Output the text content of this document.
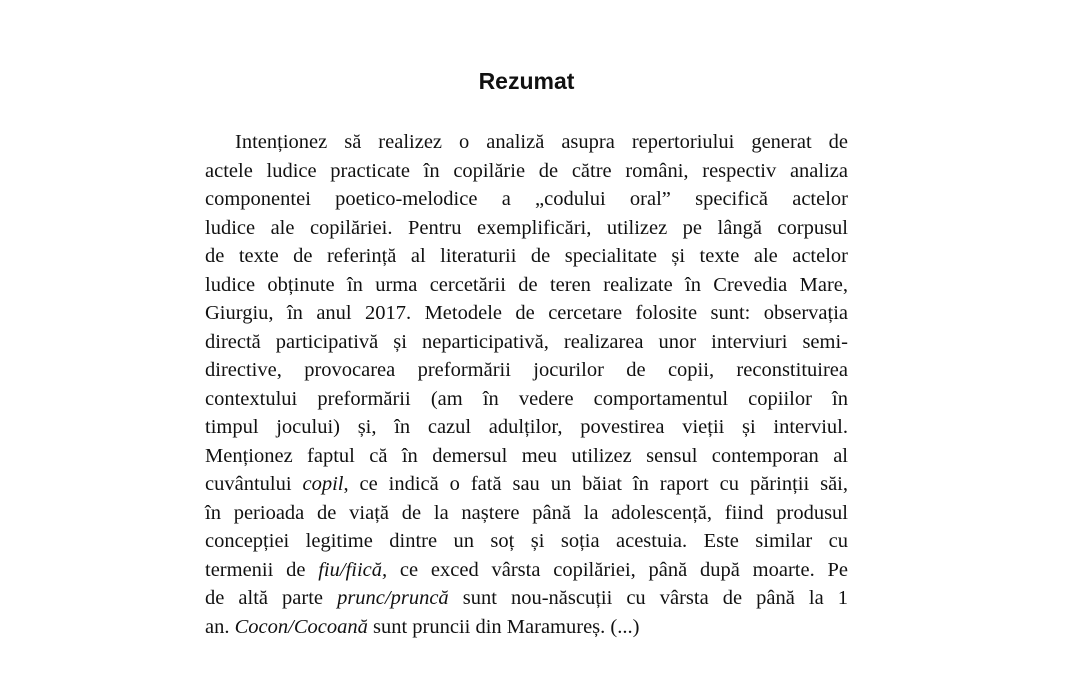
Rezumat
Intenționez să realizez o analiză asupra repertoriului generat de
actele ludice practicate în copilărie de către români, respectiv analiza
componentei poetico-melodice a „codului oral” specifică actelor
ludice ale copilăriei. Pentru exemplificări, utilizez pe lângă corpusul
de texte de referință al literaturii de specialitate și texte ale actelor
ludice obținute în urma cercetării de teren realizate în Crevedia Mare,
Giurgiu, în anul 2017. Metodele de cercetare folosite sunt: observația
directă participativă și neparticipativă, realizarea unor interviuri semi-
directive, provocarea preformării jocurilor de copii, reconstituirea
contextului preformării (am în vedere comportamentul copiilor în
timpul jocului) și, în cazul adulților, povestirea vieții și interviul.
Menționez faptul că în demersul meu utilizez sensul contemporan al
cuvântului copil, ce indică o fată sau un băiat în raport cu părinții săi,
în perioada de viață de la naștere până la adolescență, fiind produsul
concepției legitime dintre un soț și soția acestuia. Este similar cu
termenii de fiu/fiică, ce exced vârsta copilăriei, până după moarte. Pe
de altă parte prunc/pruncă sunt nou-născuții cu vârsta de până la 1
an. Cocon/Cocoană sunt pruncii din Maramureș. (...)
